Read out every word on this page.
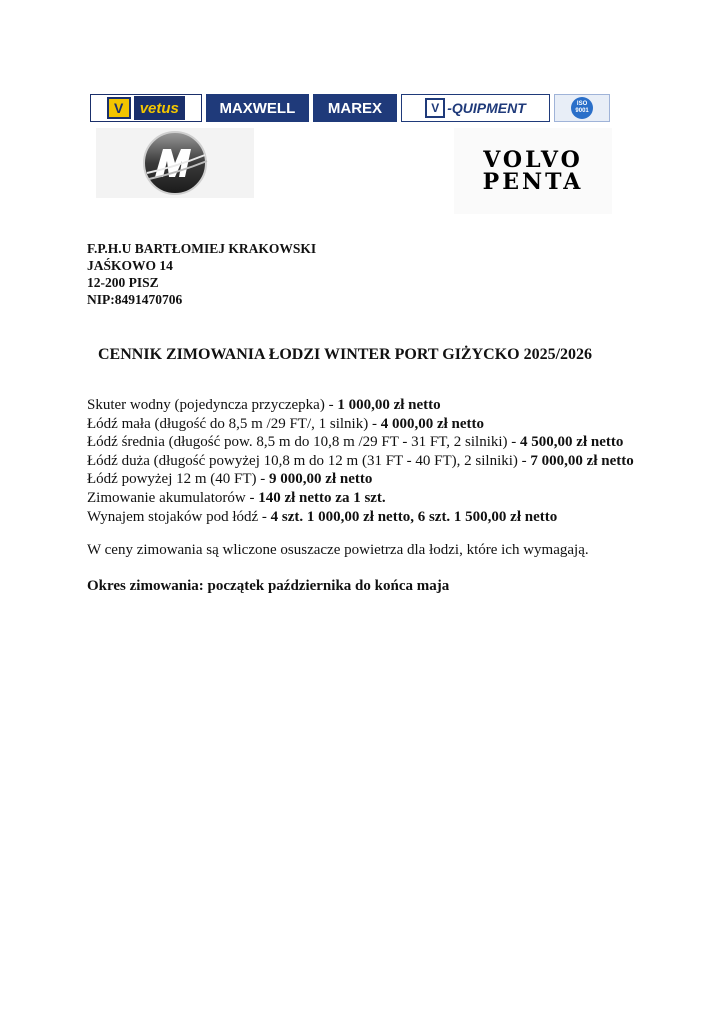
V	vetus	MAXWELL	MAREX	V -QUIPMENT	ISO
9001
VOLVO
PENTA
F.P.H.U BARTŁOMIEJ KRAKOWSKI
JAŚKOWO 14
12-200 PISZ
NIP:8491470706
CENNIK ZIMOWANIA ŁODZI WINTER PORT GIŻYCKO 2025/2026
Skuter wodny (pojedyncza przyczepka) - 1 000,00 zł netto
Łódź mała (długość do 8,5 m /29 FT/, 1 silnik) - 4 000,00 zł netto
Łódź średnia (długość pow. 8,5 m do 10,8 m /29 FT - 31 FT, 2 silniki) - 4 500,00 zł netto
Łódź duża (długość powyżej 10,8 m do 12 m (31 FT - 40 FT), 2 silniki) - 7 000,00 zł netto
Łódź powyżej 12 m (40 FT) - 9 000,00 zł netto
Zimowanie akumulatorów - 140 zł netto za 1 szt.
Wynajem stojaków pod łódź - 4 szt. 1 000,00 zł netto, 6 szt. 1 500,00 zł netto
W ceny zimowania są wliczone osuszacze powietrza dla łodzi, które ich wymagają.
Okres zimowania: początek października do końca maja
